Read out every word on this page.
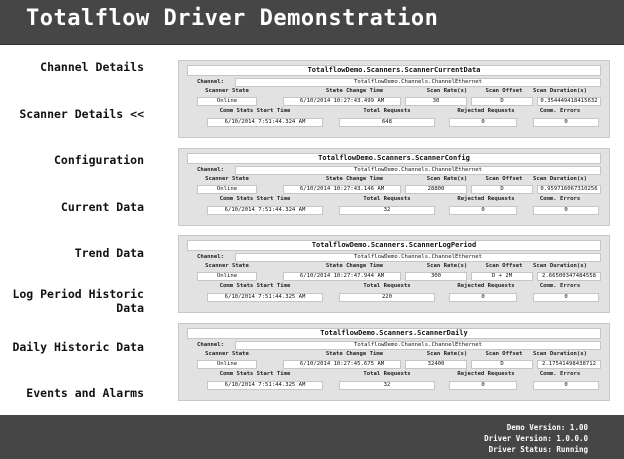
Totalflow Driver Demonstration
Channel Details
Scanner Details <<
Configuration
Current Data
Trend Data
Log Period Historic
Data
Daily Historic Data
Events and Alarms
TotalflowDemo.Scanners.ScannerCurrentData
Channel:	TotalflowDemo.Channels.ChannelEthernet
Scanner State	State Change Time	Scan Rate(s)	Scan Offset	Scan Duration(s)
Online	6/10/2014 10:27:43.499 AM	30	D	0.354449418415632
Comm Stats Start Time	Total Requests	Rejected Requests	Comm. Errors
6/10/2014 7:51:44.324 AM	648	0	0
TotalflowDemo.Scanners.ScannerConfig
Channel:	TotalflowDemo.Channels.ChannelEthernet
Scanner State	State Change Time	Scan Rate(s)	Scan Offset	Scan Duration(s)
Online	6/10/2014 10:27:43.146 AM	28800	D	0.959716067310256
Comm Stats Start Time	Total Requests	Rejected Requests	Comm. Errors
6/10/2014 7:51:44.324 AM	32	0	0
TotalflowDemo.Scanners.ScannerLogPeriod
Channel:	TotalflowDemo.Channels.ChannelEthernet
Scanner State	State Change Time	Scan Rate(s)	Scan Offset	Scan Duration(s)
Online	6/10/2014 10:27:47.944 AM	300	D + 2M	2.66500347484558
Comm Stats Start Time	Total Requests	Rejected Requests	Comm. Errors
6/10/2014 7:51:44.325 AM	220	0	0
TotalflowDemo.Scanners.ScannerDaily
Channel:	TotalflowDemo.Channels.ChannelEthernet
Scanner State	State Change Time	Scan Rate(s)	Scan Offset	Scan Duration(s)
Online	6/10/2014 10:27:45.675 AM	32400	D	2.17541498438712
Comm Stats Start Time	Total Requests	Rejected Requests	Comm. Errors
6/10/2014 7:51:44.325 AM	32	0	0
Demo Version: 1.00
Driver Version: 1.0.0.0
Driver Status: Running
